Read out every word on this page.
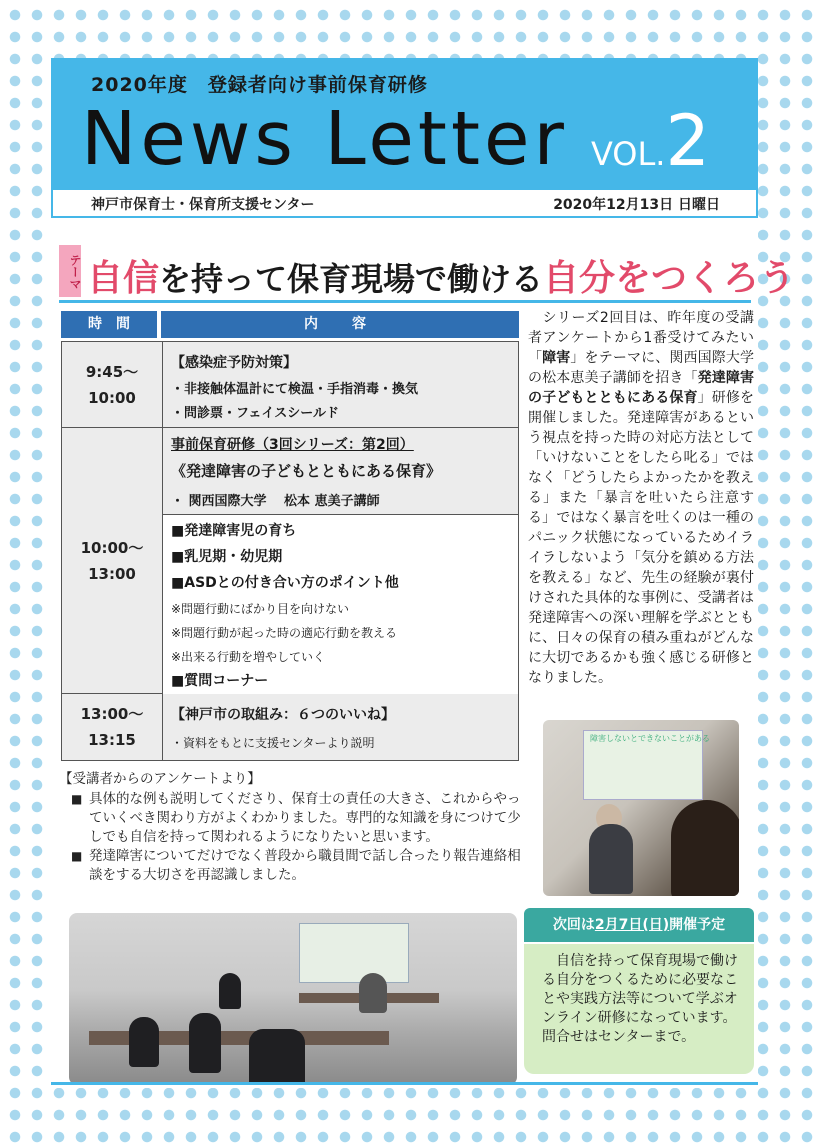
2020年度　登録者向け事前保育研修
News Letter VOL.2
神戸市保育士・保育所支援センター	2020年12月13日 日曜日
テーマ 自信を持って保育現場で働ける自分をつくろう
時　間	内　容
9:45～
10:00
【感染症予防対策】
・非接触体温計にて検温・手指消毒・換気
・問診票・フェイスシールド
10:00～
13:00
事前保育研修（3回シリーズ：第2回）
《発達障害の子どもとともにある保育》
・ 関西国際大学　 松本 恵美子講師
■発達障害児の育ち
■乳児期・幼児期
■ASDとの付き合い方のポイント他
※問題行動にばかり目を向けない
※問題行動が起った時の適応行動を教える
※出来る行動を増やしていく
■質問コーナー
13:00～
13:15
【神戸市の取組み：６つのいいね】
・資料をもとに支援センターより説明
　シリーズ2回目は、昨年度の受講者アンケートから1番受けてみたい「障害」をテーマに、関西国際大学の松本恵美子講師を招き「発達障害の子どもとともにある保育」研修を開催しました。発達障害があるという視点を持った時の対応方法として「いけないことをしたら叱る」ではなく「どうしたらよかったかを教える」また「暴言を吐いたら注意する」ではなく暴言を吐くのは一種のパニック状態になっているためイライラしないよう「気分を鎮める方法を教える」など、先生の経験が裏付けされた具体的な事例に、受講者は発達障害への深い理解を学ぶとともに、日々の保育の積み重ねがどんなに大切であるかも強く感じる研修となりました。
障害しないとできないことがある
【受講者からのアンケートより】
■ 具体的な例も説明してくださり、保育士の責任の大きさ、これからやっていくべき関わり方がよくわかりました。専門的な知識を身につけて少しでも自信を持って関われるようになりたいと思います。
■ 発達障害についてだけでなく普段から職員間で話し合ったり報告連絡相談をする大切さを再認識しました。
次回は2月7日(日)開催予定
　自信を持って保育現場で働ける自分をつくるために必要なことや実践方法等について学ぶオンライン研修になっています。
問合せはセンターまで。
